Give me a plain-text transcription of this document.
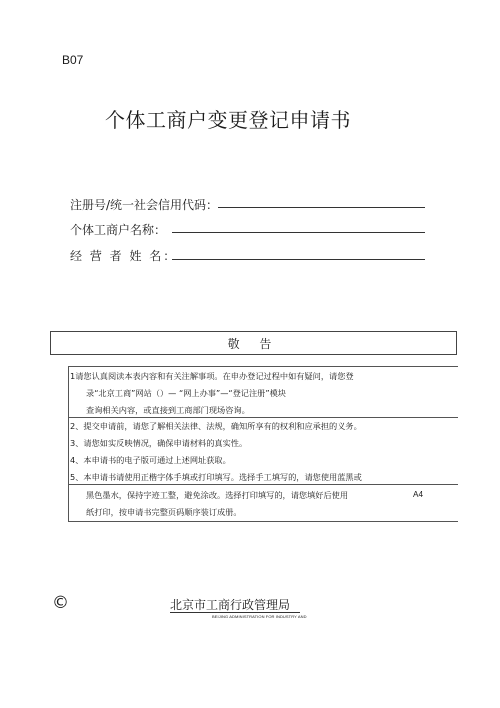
B07
个体工商户变更登记申请书
注册号/统一社会信用代码：
个体工商户名称：
经 营 者 姓 名：
敬 告
1请您认真阅读本表内容和有关注解事项。在申办登记过程中如有疑问，请您登
录“北京工商”网站（）— “网上办事”—“登记注册”模块
查询相关内容，或直接到工商部门现场咨询。
2、提交申请前，请您了解相关法律、法规，确知所享有的权利和应承担的义务。
3、请您如实反映情况，确保申请材料的真实性。
4、本申请书的电子版可通过上述网址获取。
5、本申请书请使用正楷字体手填或打印填写。选择手工填写的，请您使用蓝黑或
黑色墨水，保持字迹工整，避免涂改。选择打印填写的，请您填好后使用	A4
纸打印，按申请书完整页码顺序装订成册。
©	北京市工商行政管理局
BEIJING ADMINISTRATION FOR INDUSTRY AND
